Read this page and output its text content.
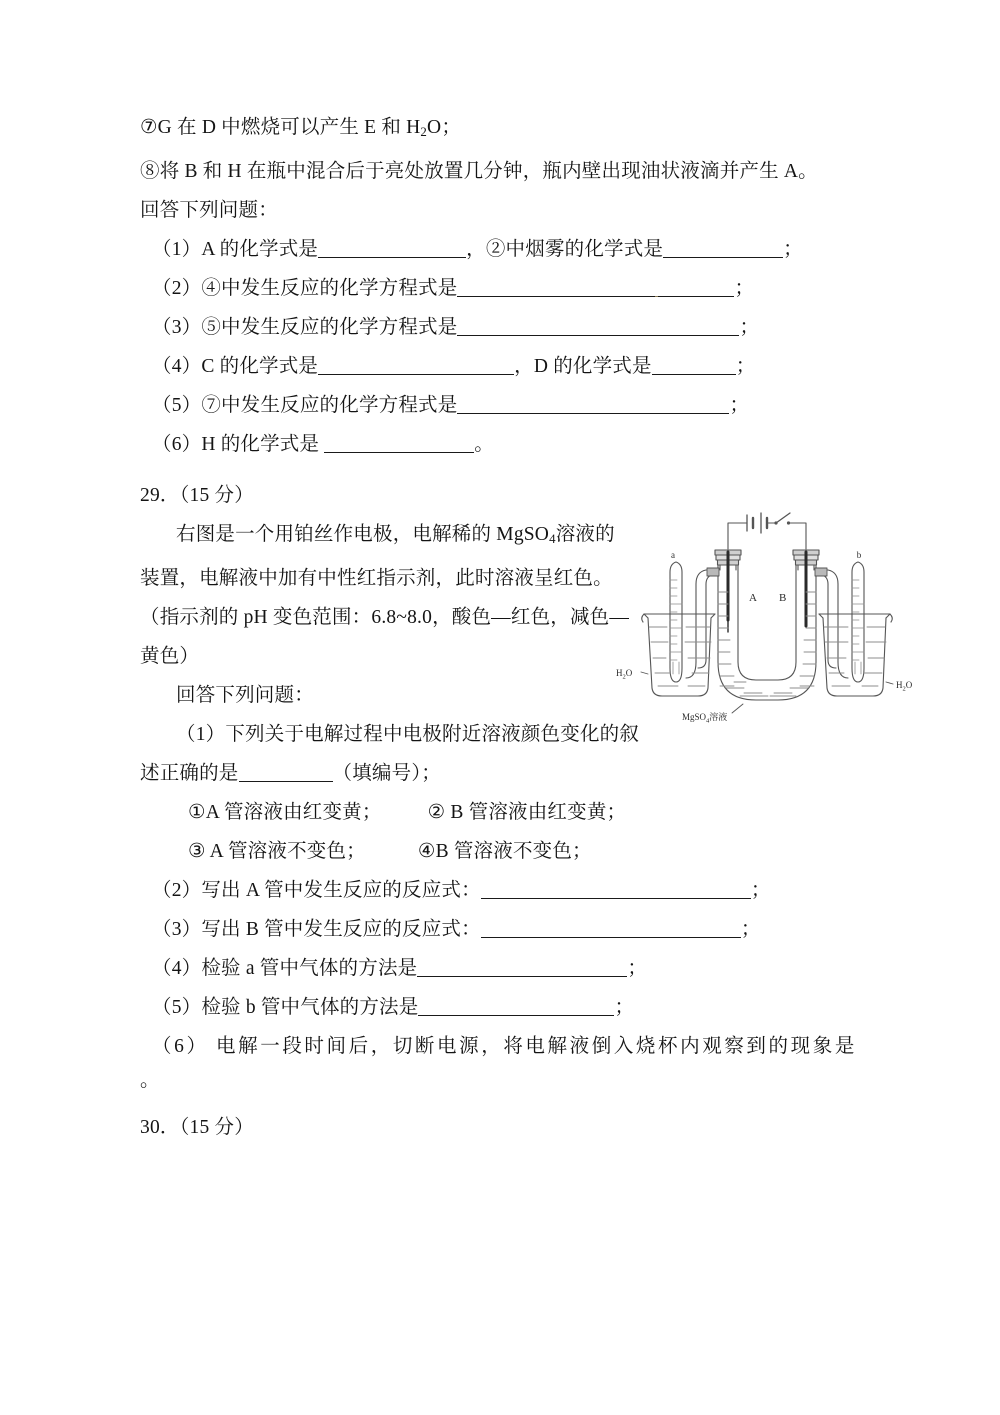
⑦G 在 D 中燃烧可以产生 E 和 $H_2O$；
⑧将 B 和 H 在瓶中混合后于亮处放置几分钟，瓶内壁出现油状液滴并产生 A。
回答下列问题：
（1）A 的化学式是	，②中烟雾的化学式是	；
（2）④中发生反应的化学方程式是	；
（3）⑤中发生反应的化学方程式是	；
（4）C 的化学式是	，D 的化学式是	；
（5）⑦中发生反应的化学方程式是	；
（6）H 的化学式是	。
29．（15 分）
右图是一个用铂丝作电极，电解稀的 MgSO$_4$溶液的
装置，电解液中加有中性红指示剂，此时溶液呈红色。
（指示剂的 pH 变色范围：6.8~8.0，酸色—红色，减色—
黄色）
回答下列问题：
（1）下列关于电解过程中电极附近溶液颜色变化的叙
述正确的是	（填编号）；
①A 管溶液由红变黄； ② B 管溶液由红变黄；
③ A 管溶液不变色；	④B 管溶液不变色；
（2）写出 A 管中发生反应的反应式：	；
（3）写出 B 管中发生反应的反应式：	；
（4）检验 a 管中气体的方法是	；
（5）检验 b 管中气体的方法是	；
（6） 电解一段时间后，切断电源，将电解液倒入烧杯内观察到的现象是
。
30．（15 分）
a	b
A B
$H_2O$
$H_2O$
MgSO$_4$溶液
